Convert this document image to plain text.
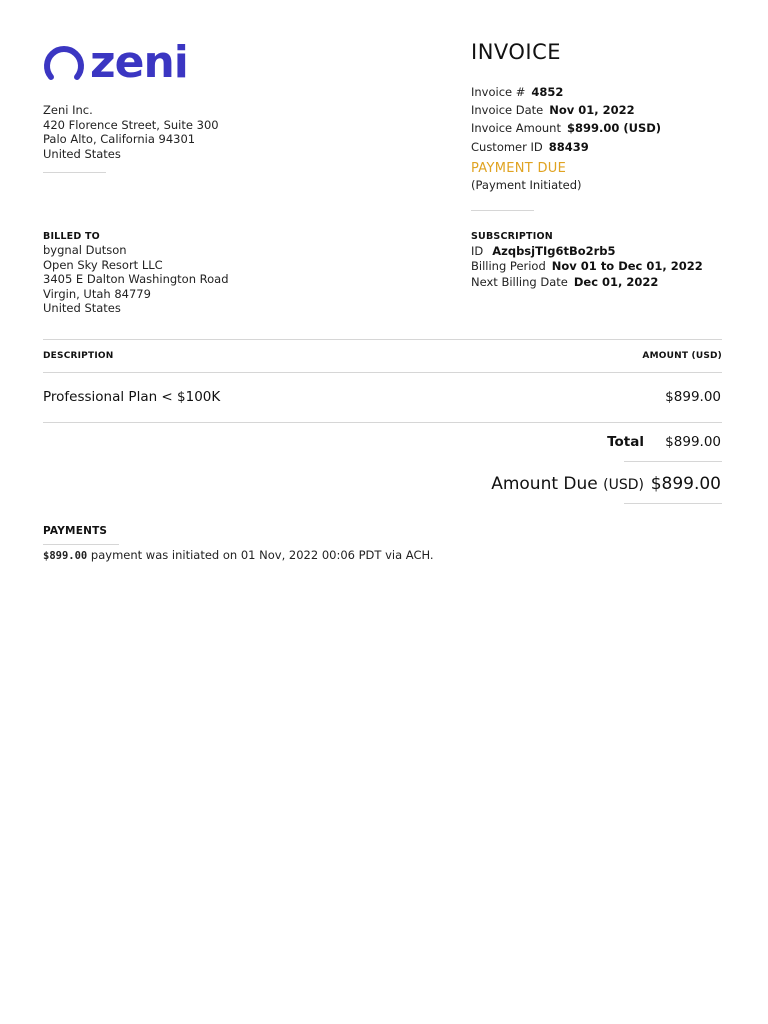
zeni
Zeni Inc.
420 Florence Street, Suite 300
Palo Alto, California 94301
United States
INVOICE
Invoice # 4852
Invoice Date Nov 01, 2022
Invoice Amount $899.00 (USD)
Customer ID 88439
PAYMENT DUE
(Payment Initiated)
BILLED TO
bygnal Dutson
Open Sky Resort LLC
3405 E Dalton Washington Road
Virgin, Utah 84779
United States
SUBSCRIPTION
ID AzqbsjTIg6tBo2rb5
Billing Period Nov 01 to Dec 01, 2022
Next Billing Date Dec 01, 2022
DESCRIPTION	AMOUNT (USD)
Professional Plan < $100K	$899.00
Total $899.00
Amount Due (USD) $899.00
PAYMENTS
$899.00 payment was initiated on 01 Nov, 2022 00:06 PDT via ACH.
